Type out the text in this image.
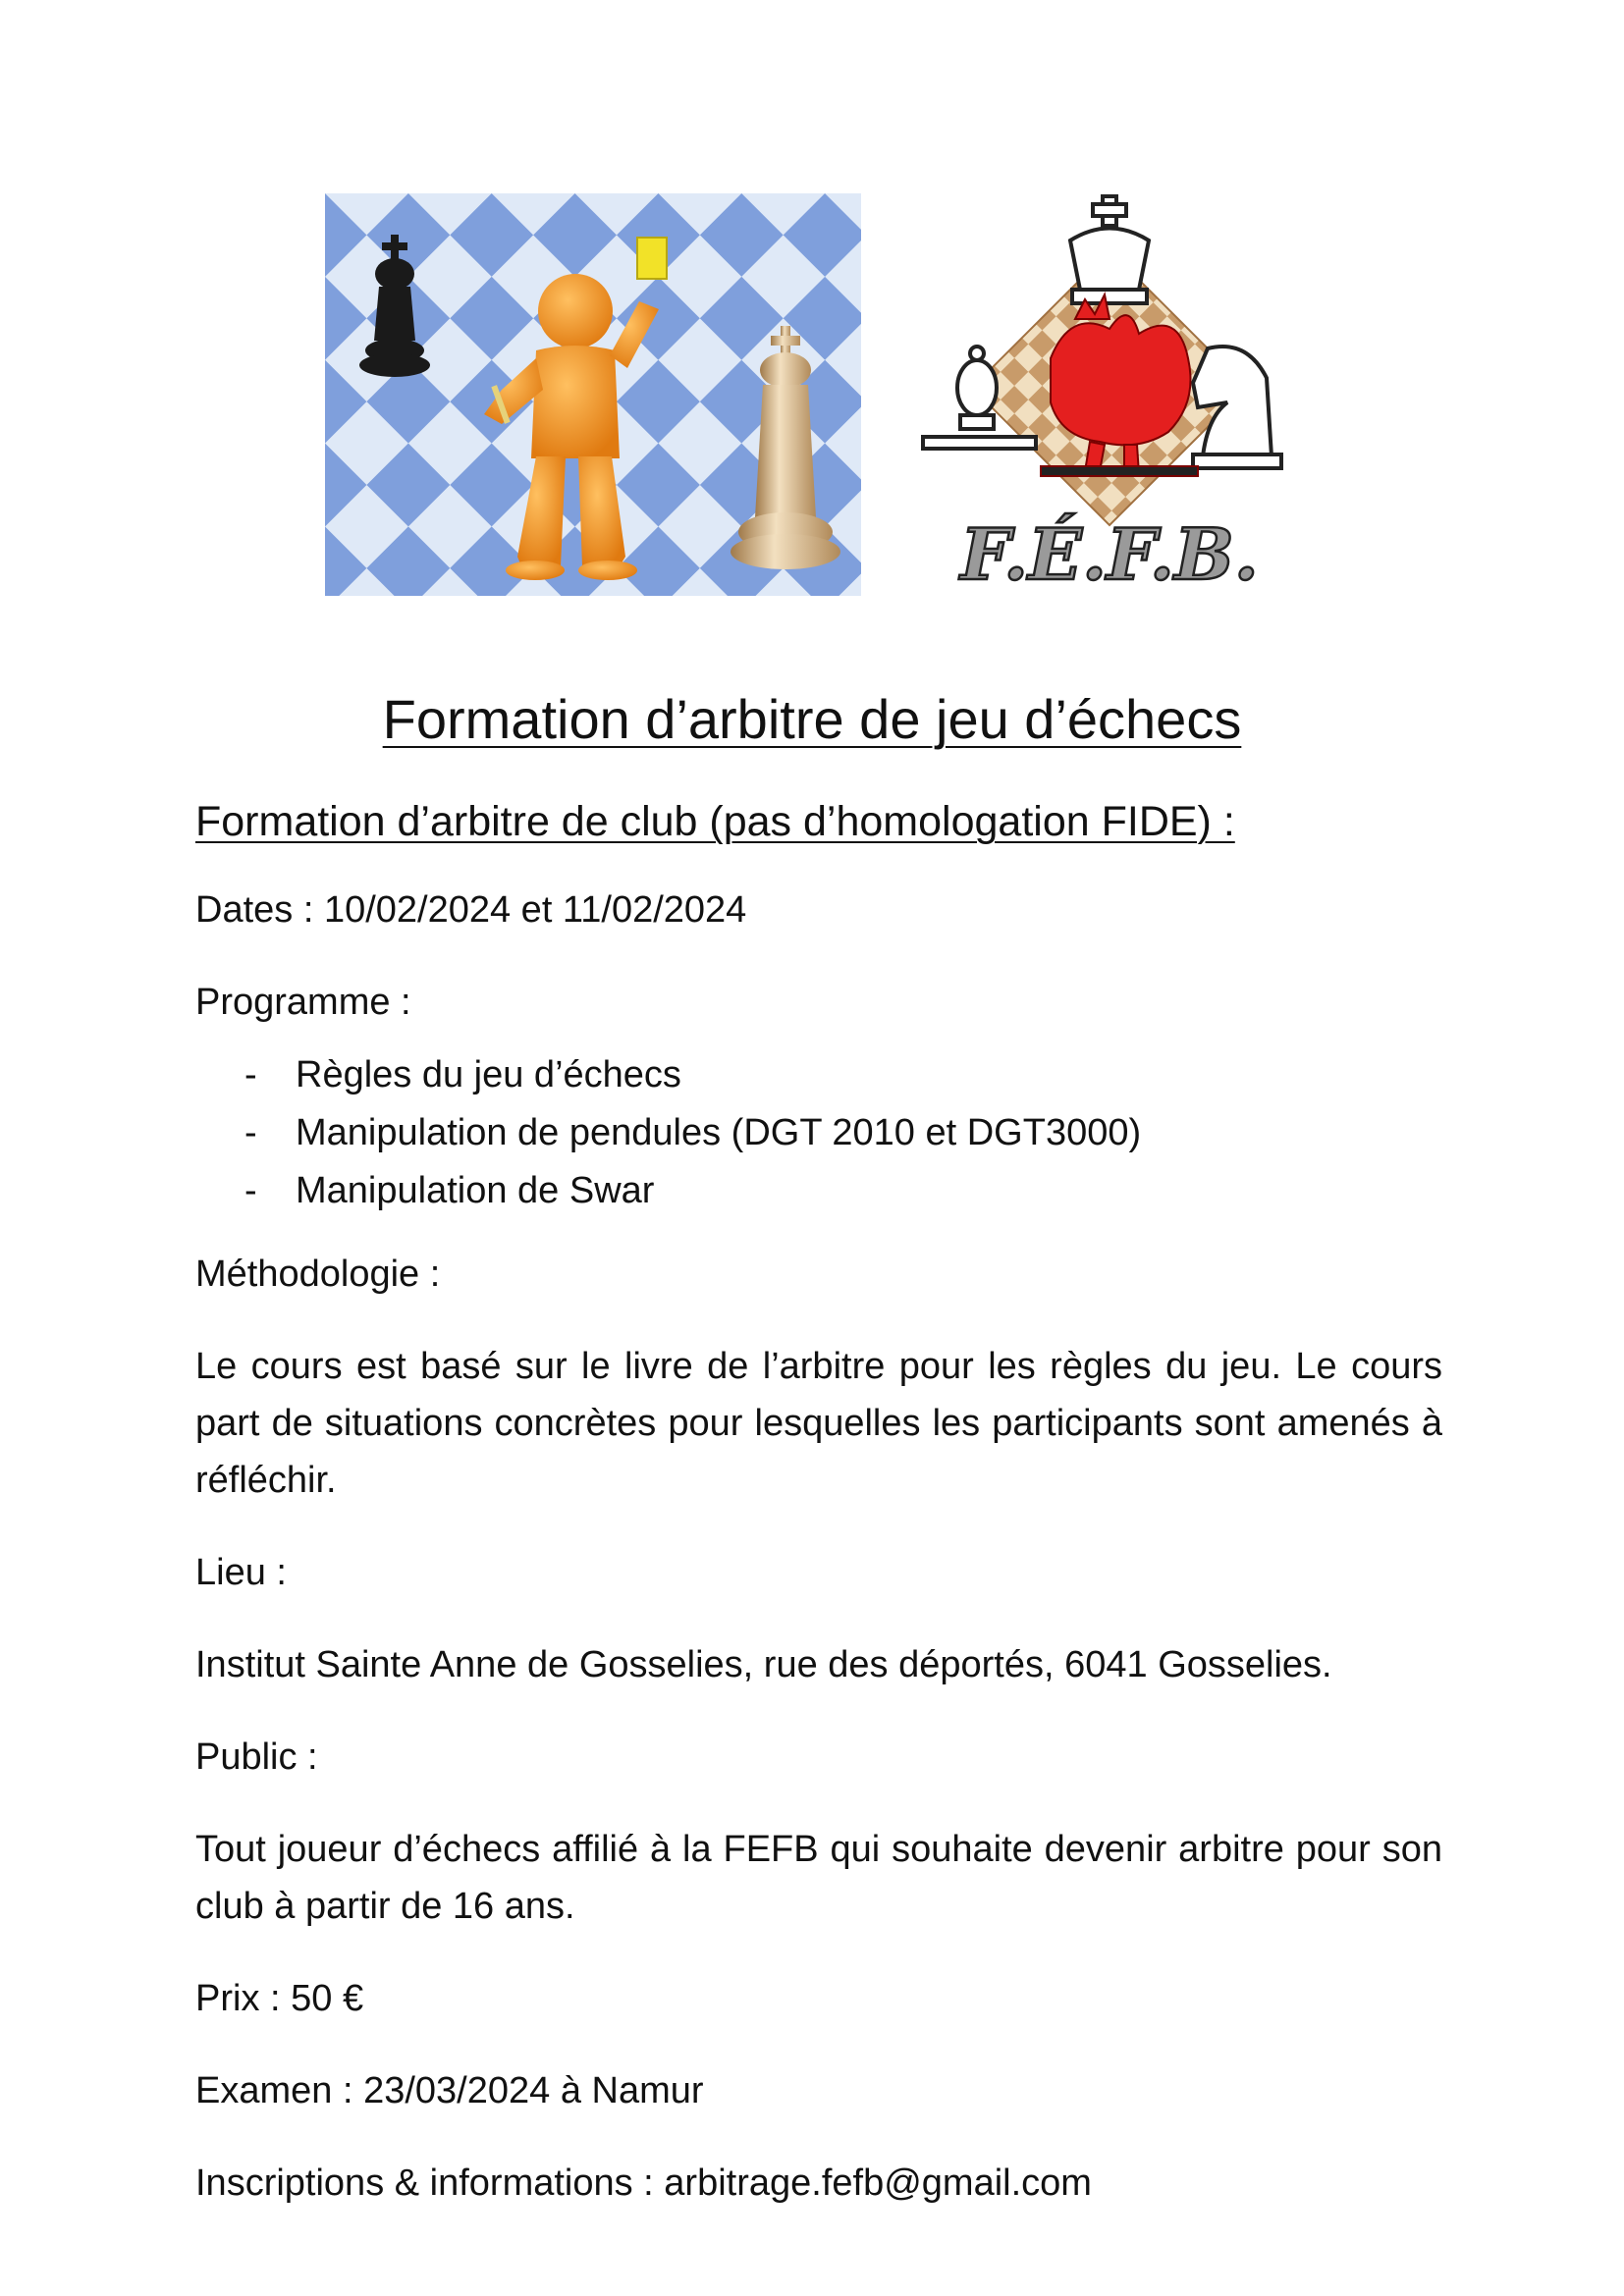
F.É.F.B.
Formation d’arbitre de jeu d’échecs

Formation d’arbitre de club (pas d’homologation FIDE) :

Dates : 10/02/2024 et 11/02/2024

Programme :

- Règles du jeu d’échecs
- Manipulation de pendules (DGT 2010 et DGT3000)
- Manipulation de Swar

Méthodologie :

Le cours est basé sur le livre de l’arbitre pour les règles du jeu. Le cours part de situations concrètes pour lesquelles les participants sont amenés à réfléchir.

Lieu :

Institut Sainte Anne de Gosselies, rue des déportés, 6041 Gosselies.

Public :

Tout joueur d’échecs affilié à la FEFB qui souhaite devenir arbitre pour son club à partir de 16 ans.

Prix : 50 €

Examen : 23/03/2024 à Namur

Inscriptions & informations : arbitrage.fefb@gmail.com
